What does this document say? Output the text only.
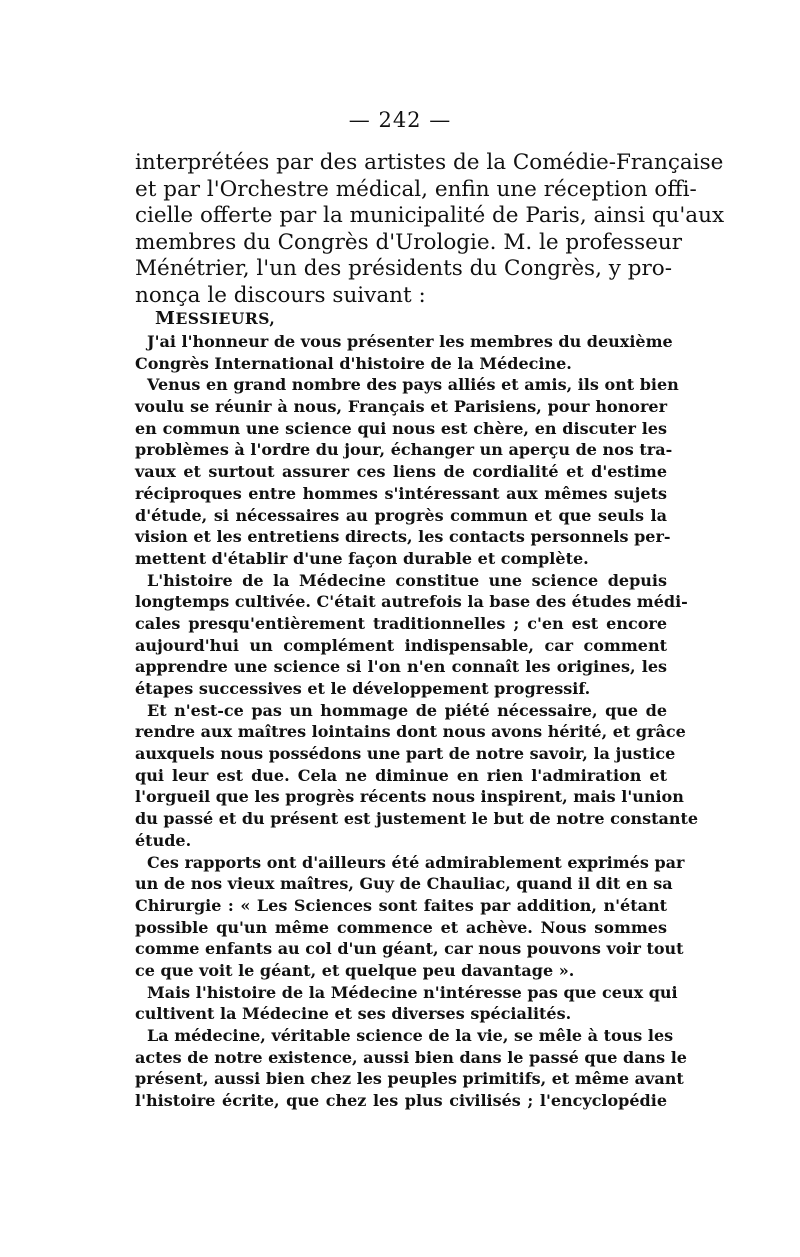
— 242 —
interprétées par des artistes de la Comédie-Française
et par l'Orchestre médical, enfin une réception offi-
cielle offerte par la municipalité de Paris, ainsi qu'aux
membres du Congrès d'Urologie. M. le professeur
Ménétrier, l'un des présidents du Congrès, y pro-
nonça le discours suivant :
MESSIEURS,
J'ai l'honneur de vous présenter les membres du deuxième
Congrès International d'histoire de la Médecine.
Venus en grand nombre des pays alliés et amis, ils ont bien
voulu se réunir à nous, Français et Parisiens, pour honorer
en commun une science qui nous est chère, en discuter les
problèmes à l'ordre du jour, échanger un aperçu de nos tra-
vaux et surtout assurer ces liens de cordialité et d'estime
réciproques entre hommes s'intéressant aux mêmes sujets
d'étude, si nécessaires au progrès commun et que seuls la
vision et les entretiens directs, les contacts personnels per-
mettent d'établir d'une façon durable et complète.
L'histoire de la Médecine constitue une science depuis
longtemps cultivée. C'était autrefois la base des études médi-
cales presqu'entièrement traditionnelles ; c'en est encore
aujourd'hui un complément indispensable, car comment
apprendre une science si l'on n'en connaît les origines, les
étapes successives et le développement progressif.
Et n'est-ce pas un hommage de piété nécessaire, que de
rendre aux maîtres lointains dont nous avons hérité, et grâce
auxquels nous possédons une part de notre savoir, la justice
qui leur est due. Cela ne diminue en rien l'admiration et
l'orgueil que les progrès récents nous inspirent, mais l'union
du passé et du présent est justement le but de notre constante
étude.
Ces rapports ont d'ailleurs été admirablement exprimés par
un de nos vieux maîtres, Guy de Chauliac, quand il dit en sa
Chirurgie : « Les Sciences sont faites par addition, n'étant
possible qu'un même commence et achève. Nous sommes
comme enfants au col d'un géant, car nous pouvons voir tout
ce que voit le géant, et quelque peu davantage ».
Mais l'histoire de la Médecine n'intéresse pas que ceux qui
cultivent la Médecine et ses diverses spécialités.
La médecine, véritable science de la vie, se mêle à tous les
actes de notre existence, aussi bien dans le passé que dans le
présent, aussi bien chez les peuples primitifs, et même avant
l'histoire écrite, que chez les plus civilisés ; l'encyclopédie
